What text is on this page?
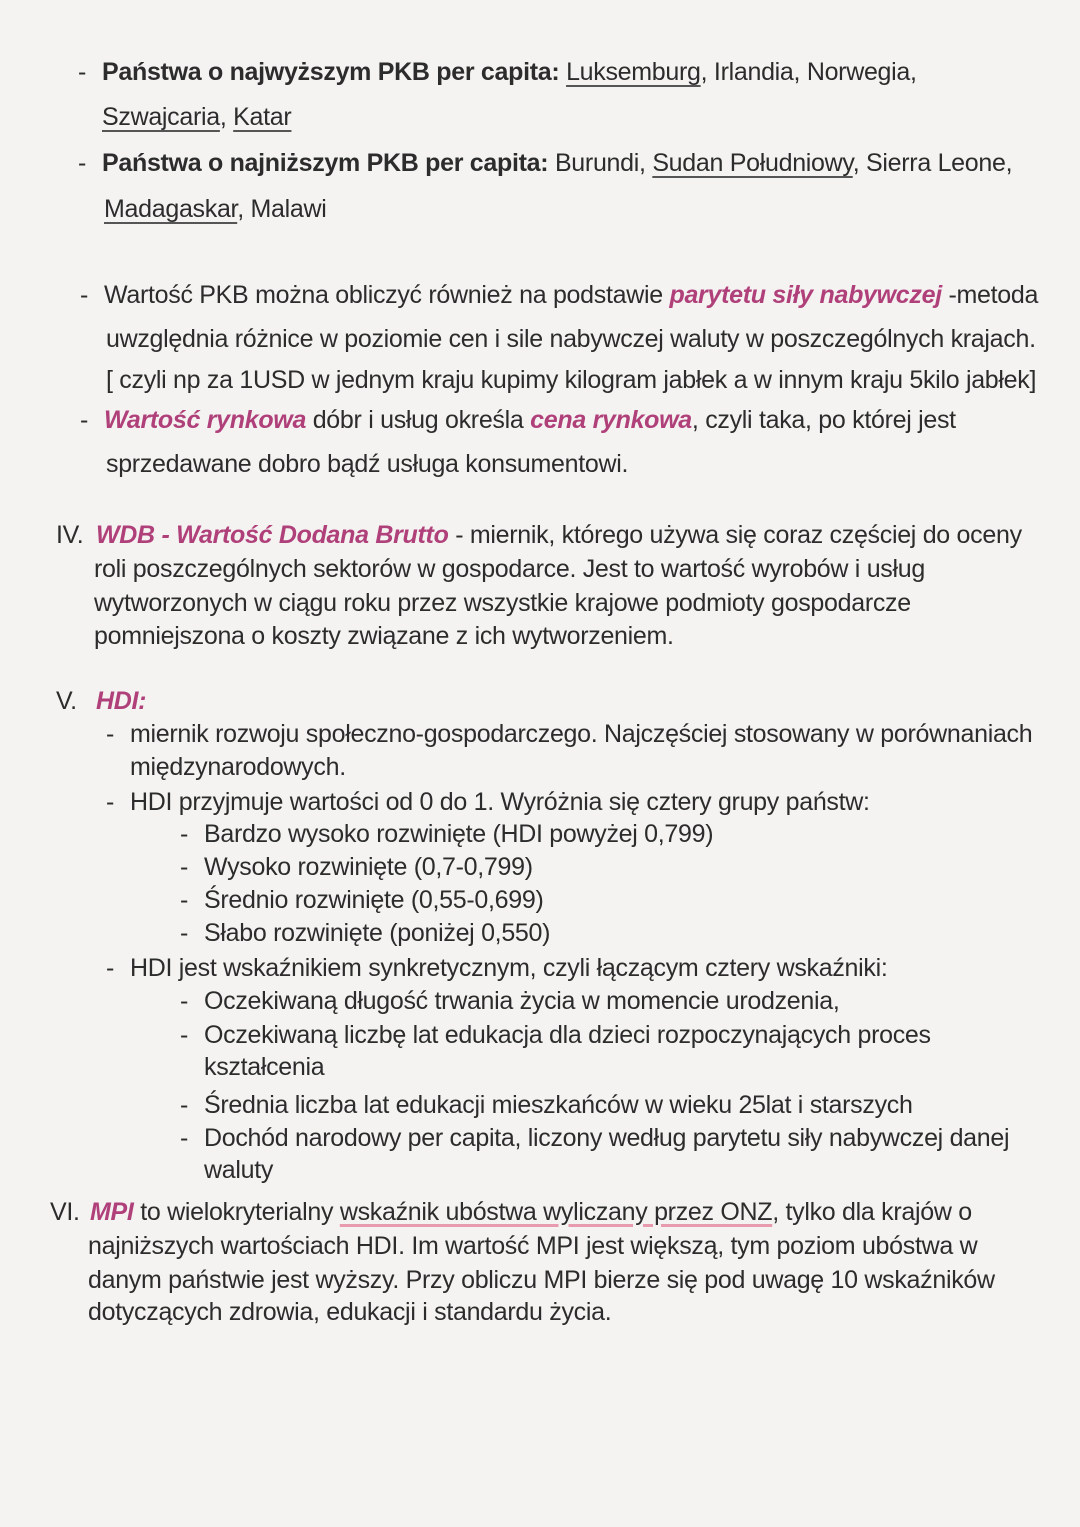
- Państwa o najwyższym PKB per capita: Luksemburg, Irlandia, Norwegia,
Szwajcaria, Katar
- Państwa o najniższym PKB per capita: Burundi, Sudan Południowy, Sierra Leone,
Madagaskar, Malawi
- Wartość PKB można obliczyć również na podstawie parytetu siły nabywczej -metoda
uwzględnia różnice w poziomie cen i sile nabywczej waluty w poszczególnych krajach.
[ czyli np za 1USD w jednym kraju kupimy kilogram jabłek a w innym kraju 5kilo jabłek]
- Wartość rynkowa dóbr i usług określa cena rynkowa, czyli taka, po której jest
sprzedawane dobro bądź usługa konsumentowi.
IV. WDB - Wartość Dodana Brutto - miernik, którego używa się coraz częściej do oceny
roli poszczególnych sektorów w gospodarce. Jest to wartość wyrobów i usług
wytworzonych w ciągu roku przez wszystkie krajowe podmioty gospodarcze
pomniejszona o koszty związane z ich wytworzeniem.
V. HDI:
- miernik rozwoju społeczno-gospodarczego. Najczęściej stosowany w porównaniach
międzynarodowych.
- HDI przyjmuje wartości od 0 do 1. Wyróżnia się cztery grupy państw:
- Bardzo wysoko rozwinięte (HDI powyżej 0,799)
- Wysoko rozwinięte (0,7-0,799)
- Średnio rozwinięte (0,55-0,699)
- Słabo rozwinięte (poniżej 0,550)
- HDI jest wskaźnikiem synkretycznym, czyli łączącym cztery wskaźniki:
- Oczekiwaną długość trwania życia w momencie urodzenia,
- Oczekiwaną liczbę lat edukacja dla dzieci rozpoczynających proces
kształcenia
- Średnia liczba lat edukacji mieszkańców w wieku 25lat i starszych
- Dochód narodowy per capita, liczony według parytetu siły nabywczej danej
waluty
VI. MPI to wielokryterialny wskaźnik ubóstwa wyliczany przez ONZ, tylko dla krajów o
najniższych wartościach HDI. Im wartość MPI jest większą, tym poziom ubóstwa w
danym państwie jest wyższy. Przy obliczu MPI bierze się pod uwagę 10 wskaźników
dotyczących zdrowia, edukacji i standardu życia.
